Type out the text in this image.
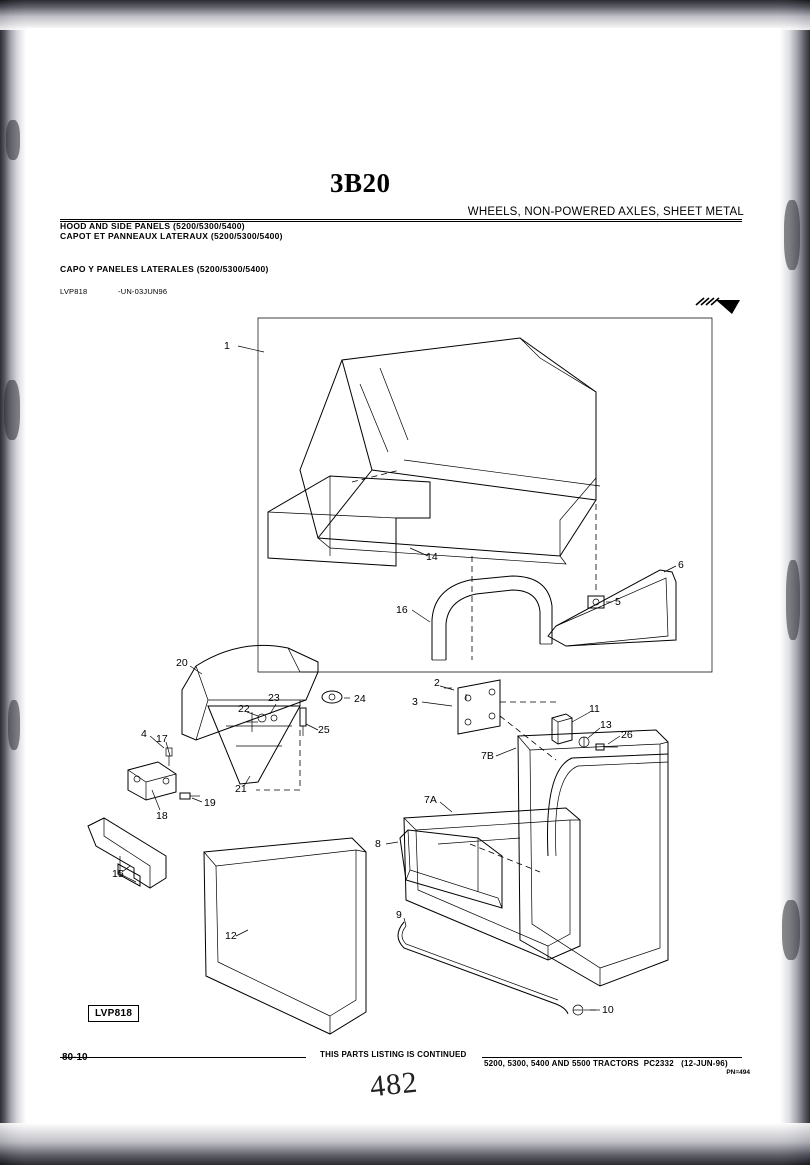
3B20
WHEELS, NON-POWERED AXLES, SHEET METAL
HOOD AND SIDE PANELS (5200/5300/5400)
CAPOT ET PANNEAUX LATERAUX (5200/5300/5400)
CAPO Y PANELES LATERALES (5200/5300/5400)
LVP818	-UN-03JUN96
1
14
6
16
5
20
24
23
2
3
11
13
26
22
25
4 17
7B
21
19
18
7A
8
15
9
12
10
LVP818
80-10	THIS PARTS LISTING IS CONTINUED
5200, 5300, 5400 AND 5500 TRACTORS PC2332 (12-JUN-96)
PN=494
482
